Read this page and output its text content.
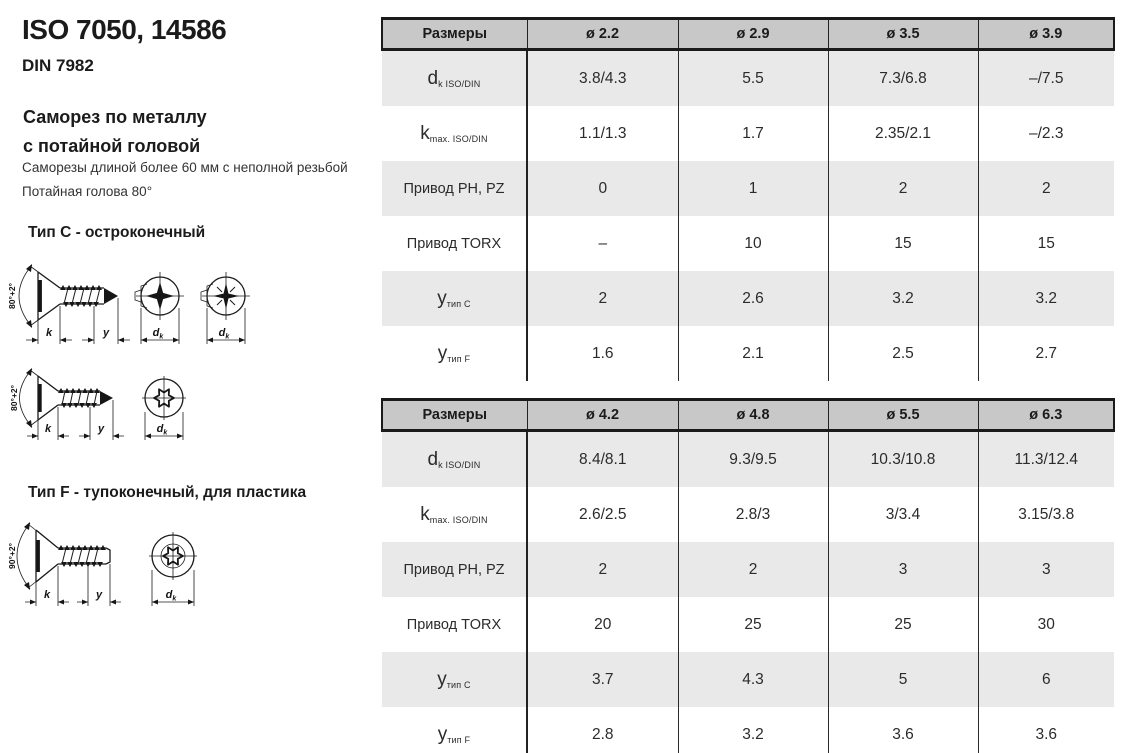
ISO 7050, 14586
DIN 7982
Саморез по металлу
с потайной головой
Саморезы длиной более 60 мм с неполной резьбой
Потайная голова 80°
Тип C - остроконечный
80°+2°
k	y	$d_k$	$d_k$
80°+2°
k	y	$d_k$
Тип F - тупоконечный, для пластика
90°+2°
k	y	$d_k$
Размеры	ø 2.2	ø 2.9	ø 3.5	ø 3.9
$d_{k ISO/DIN}$	3.8/4.3	5.5	7.3/6.8	–/7.5
$k_{max. ISO/DIN}$	1.1/1.3	1.7	2.35/2.1	–/2.3
Привод PH, PZ	0	1	2	2
Привод TORX	–	10	15	15
$y_{тип C}$	2	2.6	3.2	3.2
$y_{тип F}$	1.6	2.1	2.5	2.7
Размеры	ø 4.2	ø 4.8	ø 5.5	ø 6.3
$d_{k ISO/DIN}$	8.4/8.1	9.3/9.5	10.3/10.8	11.3/12.4
$k_{max. ISO/DIN}$	2.6/2.5	2.8/3	3/3.4	3.15/3.8
Привод PH, PZ	2	2	3	3
Привод TORX	20	25	25	30
$y_{тип C}$	3.7	4.3	5	6
$y_{тип F}$	2.8	3.2	3.6	3.6
